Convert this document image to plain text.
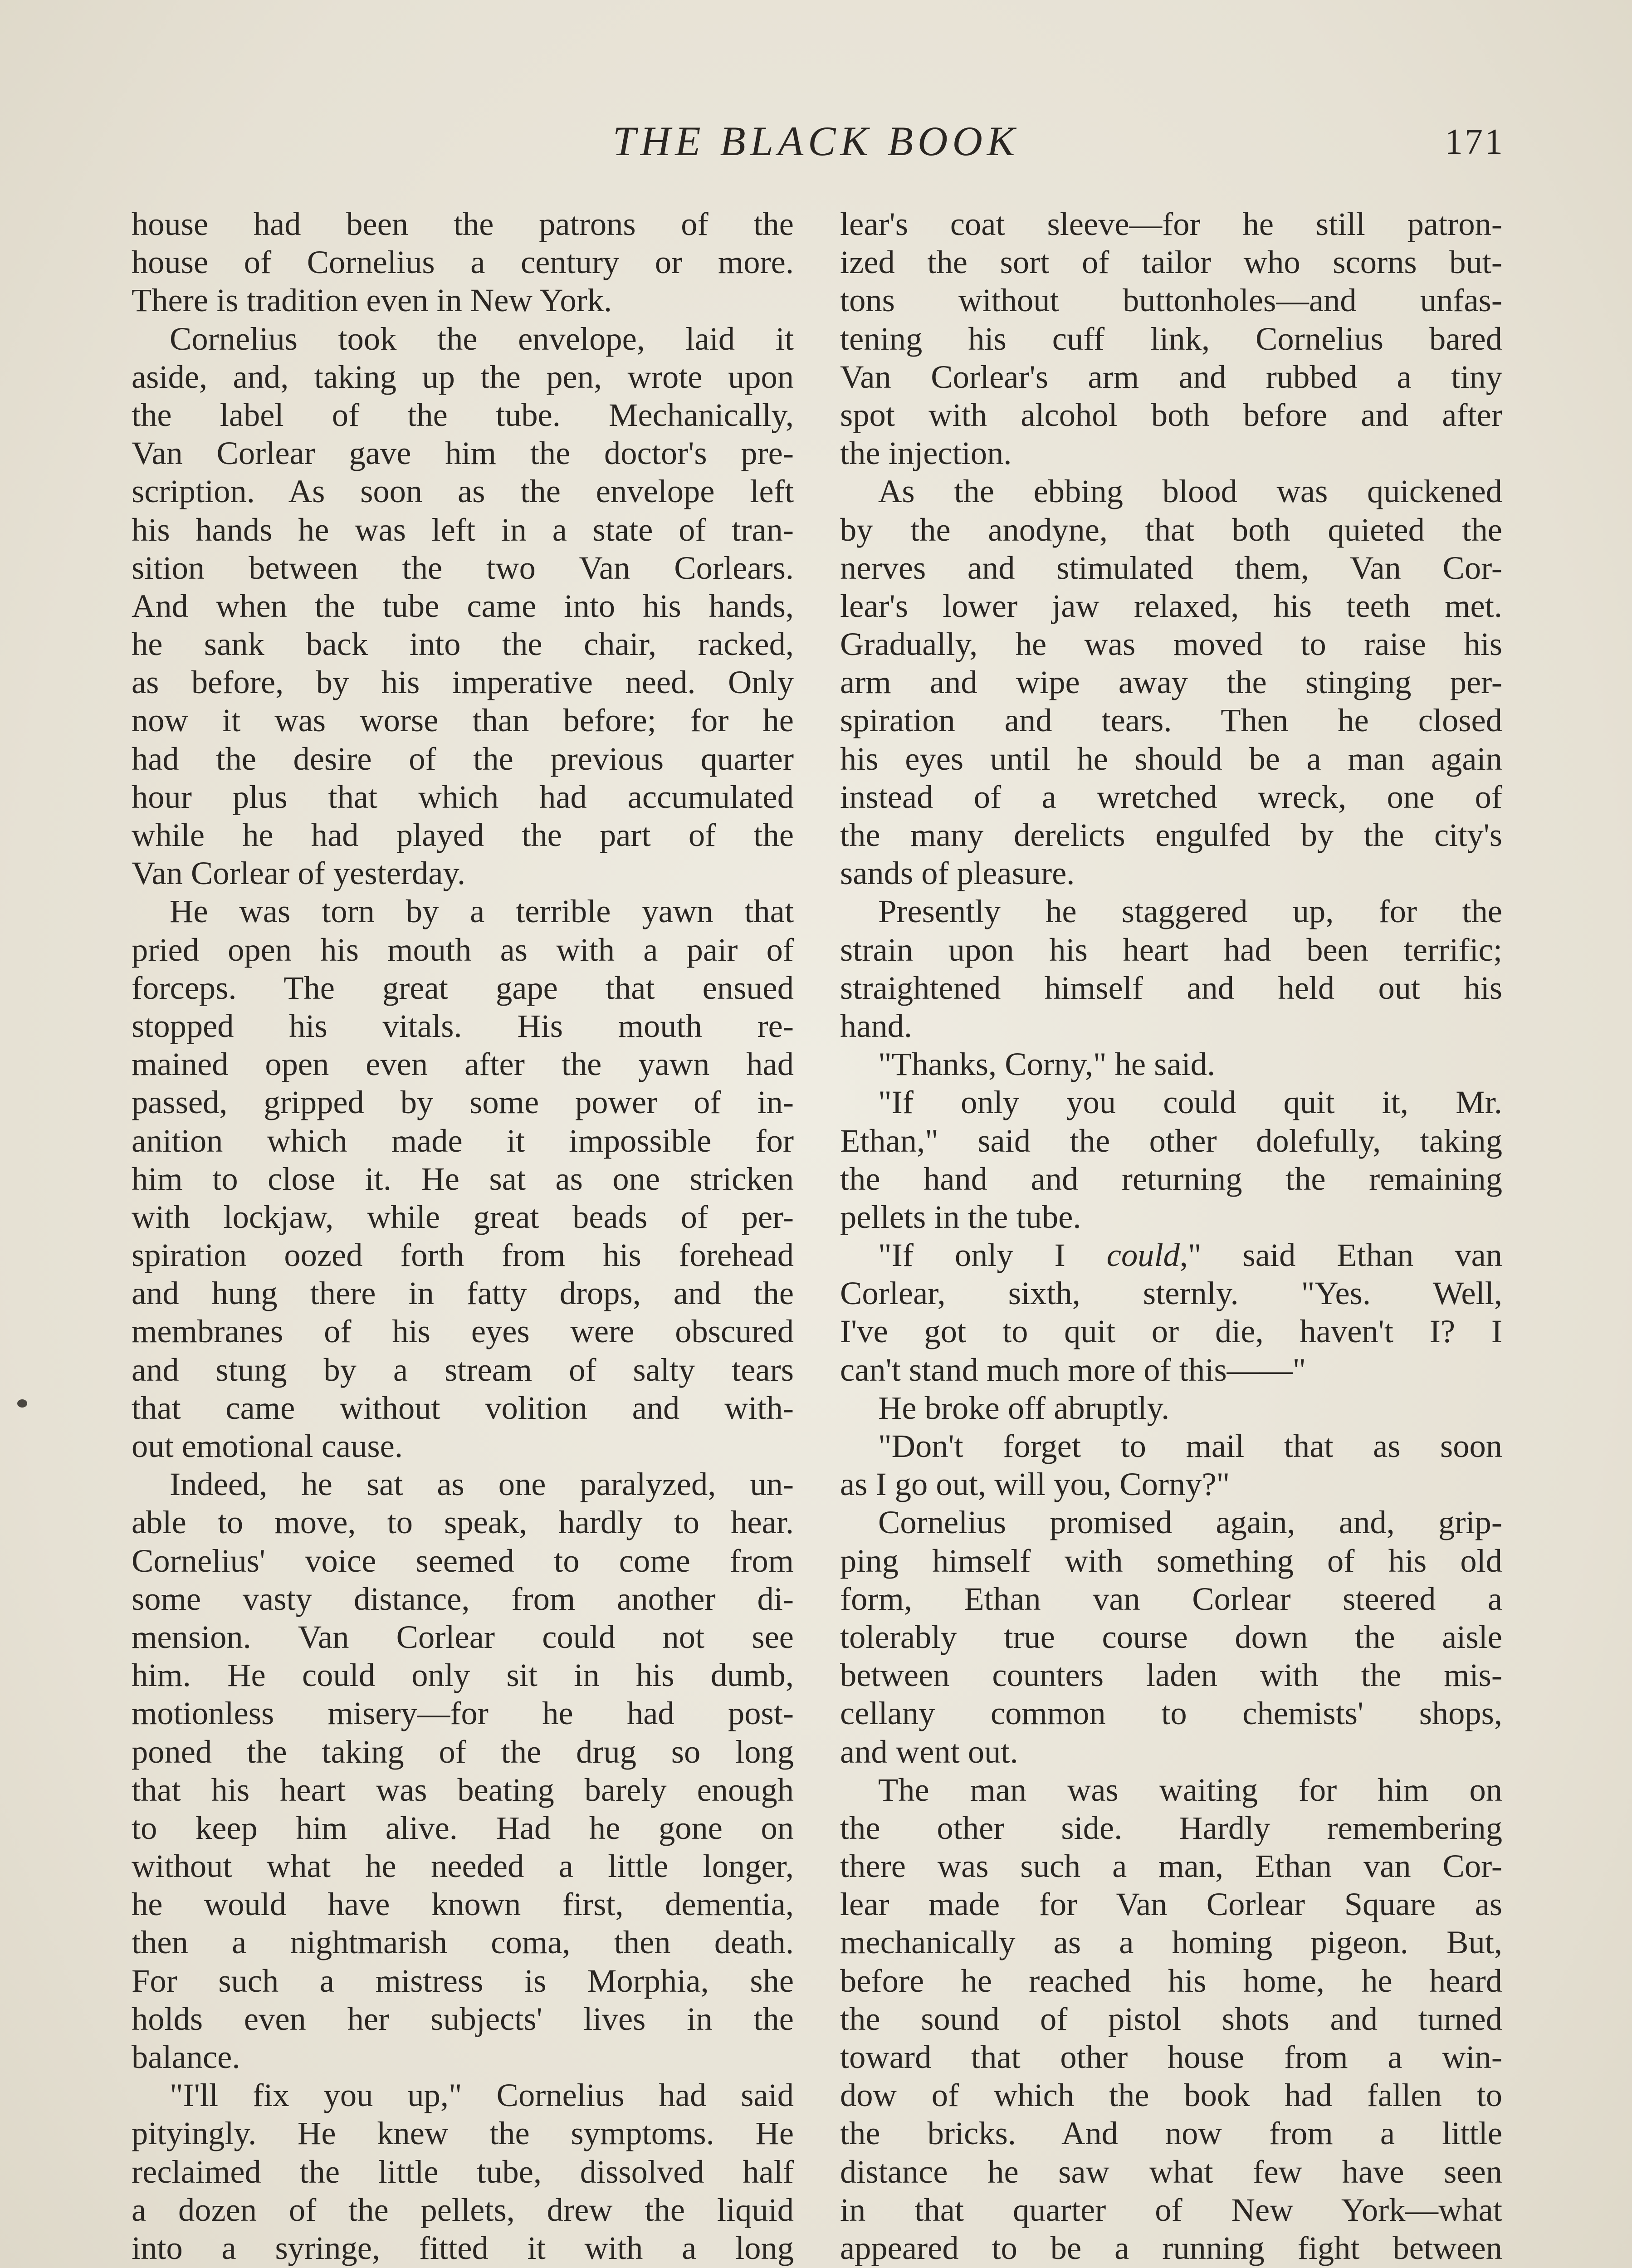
THE BLACK BOOK	171
house had been the patrons of the
house of Cornelius a century or more.
There is tradition even in New York.
Cornelius took the envelope, laid it
aside, and, taking up the pen, wrote upon
the label of the tube. Mechanically,
Van Corlear gave him the doctor's pre-
scription. As soon as the envelope left
his hands he was left in a state of tran-
sition between the two Van Corlears.
And when the tube came into his hands,
he sank back into the chair, racked,
as before, by his imperative need. Only
now it was worse than before; for he
had the desire of the previous quarter
hour plus that which had accumulated
while he had played the part of the
Van Corlear of yesterday.
He was torn by a terrible yawn that
pried open his mouth as with a pair of
forceps. The great gape that ensued
stopped his vitals. His mouth re-
mained open even after the yawn had
passed, gripped by some power of in-
anition which made it impossible for
him to close it. He sat as one stricken
with lockjaw, while great beads of per-
spiration oozed forth from his forehead
and hung there in fatty drops, and the
membranes of his eyes were obscured
and stung by a stream of salty tears
that came without volition and with-
out emotional cause.
Indeed, he sat as one paralyzed, un-
able to move, to speak, hardly to hear.
Cornelius' voice seemed to come from
some vasty distance, from another di-
mension. Van Corlear could not see
him. He could only sit in his dumb,
motionless misery—for he had post-
poned the taking of the drug so long
that his heart was beating barely enough
to keep him alive. Had he gone on
without what he needed a little longer,
he would have known first, dementia,
then a nightmarish coma, then death.
For such a mistress is Morphia, she
holds even her subjects' lives in the
balance.
"I'll fix you up," Cornelius had said
pityingly. He knew the symptoms. He
reclaimed the little tube, dissolved half
a dozen of the pellets, drew the liquid
into a syringe, fitted it with a long
lear's coat sleeve—for he still patron-
ized the sort of tailor who scorns but-
tons without buttonholes—and unfas-
tening his cuff link, Cornelius bared
Van Corlear's arm and rubbed a tiny
spot with alcohol both before and after
the injection.
As the ebbing blood was quickened
by the anodyne, that both quieted the
nerves and stimulated them, Van Cor-
lear's lower jaw relaxed, his teeth met.
Gradually, he was moved to raise his
arm and wipe away the stinging per-
spiration and tears. Then he closed
his eyes until he should be a man again
instead of a wretched wreck, one of
the many derelicts engulfed by the city's
sands of pleasure.
Presently he staggered up, for the
strain upon his heart had been terrific;
straightened himself and held out his
hand.
"Thanks, Corny," he said.
"If only you could quit it, Mr.
Ethan," said the other dolefully, taking
the hand and returning the remaining
pellets in the tube.
"If only I could," said Ethan van
Corlear, sixth, sternly. "Yes. Well,
I've got to quit or die, haven't I? I
can't stand much more of this——"
He broke off abruptly.
"Don't forget to mail that as soon
as I go out, will you, Corny?"
Cornelius promised again, and, grip-
ping himself with something of his old
form, Ethan van Corlear steered a
tolerably true course down the aisle
between counters laden with the mis-
cellany common to chemists' shops,
and went out.
The man was waiting for him on
the other side. Hardly remembering
there was such a man, Ethan van Cor-
lear made for Van Corlear Square as
mechanically as a homing pigeon. But,
before he reached his home, he heard
the sound of pistol shots and turned
toward that other house from a win-
dow of which the book had fallen to
the bricks. And now from a little
distance he saw what few have seen
in that quarter of New York—what
appeared to be a running fight between
